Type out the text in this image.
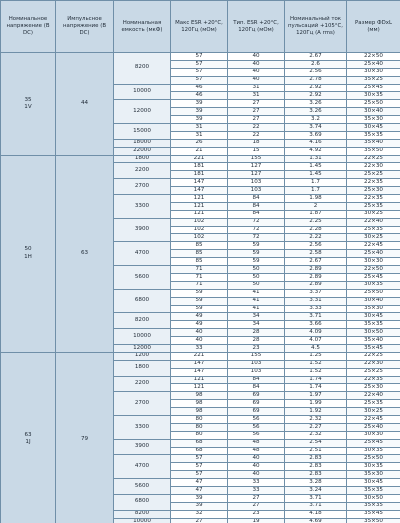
Номинальное напряжение (В DC)	Импульсное напряжение (В DC)	Номинальная емкость (мкФ)	Макс ESR +20°C, 120Гц (мОм)	Тип. ESR +20°C, 120Гц (мОм)	Номинальный ток пульсаций +105°C, 120Гц (A rms)	Размер ФDxL (мм)

35
1V	44	8200	57	40	2.67	22×50
			57	40	2.6	25×40
			57	40	2.56	30×30
			57	40	2.78	35×25
		10000	46	31	2.92	25×45
			46	31	2.92	30×35
		12000	39	27	3.26	25×50
			39	27	3.26	30×40
			39	27	3.2	35×30
		15000	31	22	3.74	30×45
			31	22	3.69	35×35
		18000	26	18	4.16	35×40
		22000	21	15	4.92	35×50

50
1H	63	1800	221	155	1.31	22×25
		2200	181	127	1.45	22×30
			181	127	1.45	25×25
		2700	147	103	1.7	22×35
			147	103	1.7	25×30
		3300	121	84	1.98	22×35
			121	84	2	25×35
			121	84	1.87	30×25
		3900	102	72	2.25	22×40
			102	72	2.28	25×35
			102	72	2.22	30×25
		4700	85	59	2.56	22×45
			85	59	2.58	25×40
			85	59	2.67	30×30
		5600	71	50	2.89	22×50
			71	50	2.89	25×45
			71	50	2.89	30×35
		6800	59	41	3.37	25×50
			59	41	3.31	30×40
			59	41	3.33	35×30
		8200	49	34	3.71	30×45
			49	34	3.66	35×35
		10000	40	28	4.09	30×50
			40	28	4.07	35×40
		12000	33	23	4.5	35×45

63
1J	79	1200	221	155	1.25	22×25
		1800	147	103	1.52	22×30
			147	103	1.52	25×25
		2200	121	84	1.74	22×35
			121	84	1.74	25×30
		2700	98	69	1.97	22×40
			98	69	1.99	25×35
			98	69	1.92	30×25
		3300	80	56	2.32	22×45
			80	56	2.27	25×40
			80	56	2.32	30×30
		3900	68	48	2.54	25×45
			68	48	2.51	30×35
		4700	57	40	2.83	25×50
			57	40	2.83	30×35
			57	40	2.83	35×30
		5600	47	33	3.28	30×45
			47	33	3.24	35×35
		6800	39	27	3.71	30×50
			39	27	3.71	35×35
		8200	32	23	4.18	35×45
		10000	27	19	4.69	35×50
